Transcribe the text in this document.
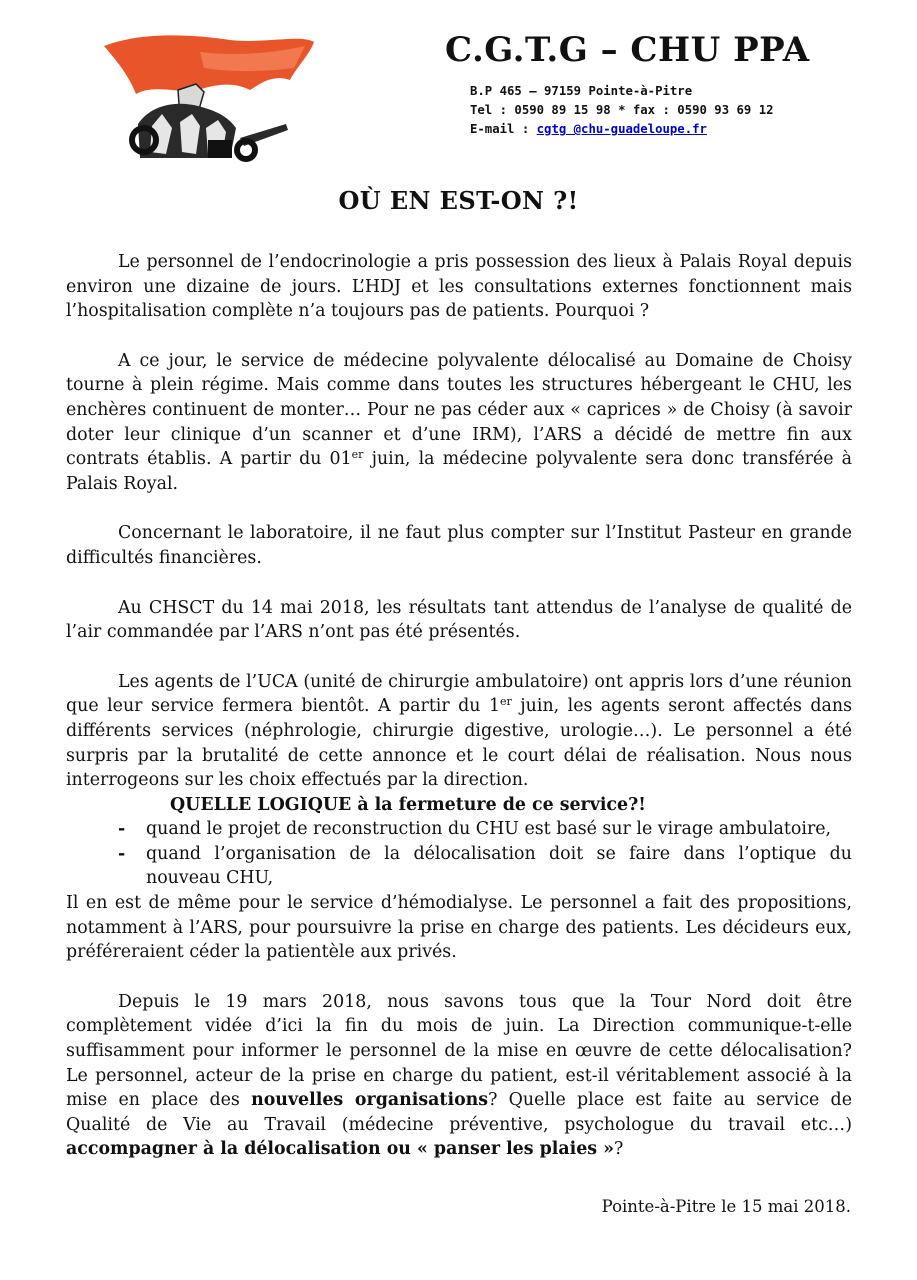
C.G.T.G – CHU PPA
B.P 465 – 97159 Pointe-à-Pitre
Tel : 0590 89 15 98 * fax : 0590 93 69 12
E-mail : cgtg @chu-guadeloupe.fr
OÙ EN EST-ON ?!

Le personnel de l’endocrinologie a pris possession des lieux à Palais Royal depuis environ une dizaine de jours. L’HDJ et les consultations externes fonctionnent mais l’hospitalisation complète n’a toujours pas de patients. Pourquoi ?

A ce jour, le service de médecine polyvalente délocalisé au Domaine de Choisy tourne à plein régime. Mais comme dans toutes les structures hébergeant le CHU, les enchères continuent de monter… Pour ne pas céder aux « caprices » de Choisy (à savoir doter leur clinique d’un scanner et d’une IRM), l’ARS a décidé de mettre fin aux contrats établis. A partir du 01er juin, la médecine polyvalente sera donc transférée à Palais Royal.

Concernant le laboratoire, il ne faut plus compter sur l’Institut Pasteur en grande difficultés financières.

Au CHSCT du 14 mai 2018, les résultats tant attendus de l’analyse de qualité de l’air commandée par l’ARS n’ont pas été présentés.

Les agents de l’UCA (unité de chirurgie ambulatoire) ont appris lors d’une réunion que leur service fermera bientôt. A partir du 1er juin, les agents seront affectés dans différents services (néphrologie, chirurgie digestive, urologie…). Le personnel a été surpris par la brutalité de cette annonce et le court délai de réalisation. Nous nous interrogeons sur les choix effectués par la direction.

QUELLE LOGIQUE à la fermeture de ce service?!

- quand le projet de reconstruction du CHU est basé sur le virage ambulatoire,
- quand l’organisation de la délocalisation doit se faire dans l’optique du nouveau CHU,

Il en est de même pour le service d’hémodialyse. Le personnel a fait des propositions, notamment à l’ARS, pour poursuivre la prise en charge des patients. Les décideurs eux, préféreraient céder la patientèle aux privés.

Depuis le 19 mars 2018, nous savons tous que la Tour Nord doit être complètement vidée d’ici la fin du mois de juin. La Direction communique-t-elle suffisamment pour informer le personnel de la mise en œuvre de cette délocalisation? Le personnel, acteur de la prise en charge du patient, est-il véritablement associé à la mise en place des nouvelles organisations? Quelle place est faite au service de Qualité de Vie au Travail (médecine préventive, psychologue du travail etc…) accompagner à la délocalisation ou « panser les plaies »?

Pointe-à-Pitre le 15 mai 2018.
